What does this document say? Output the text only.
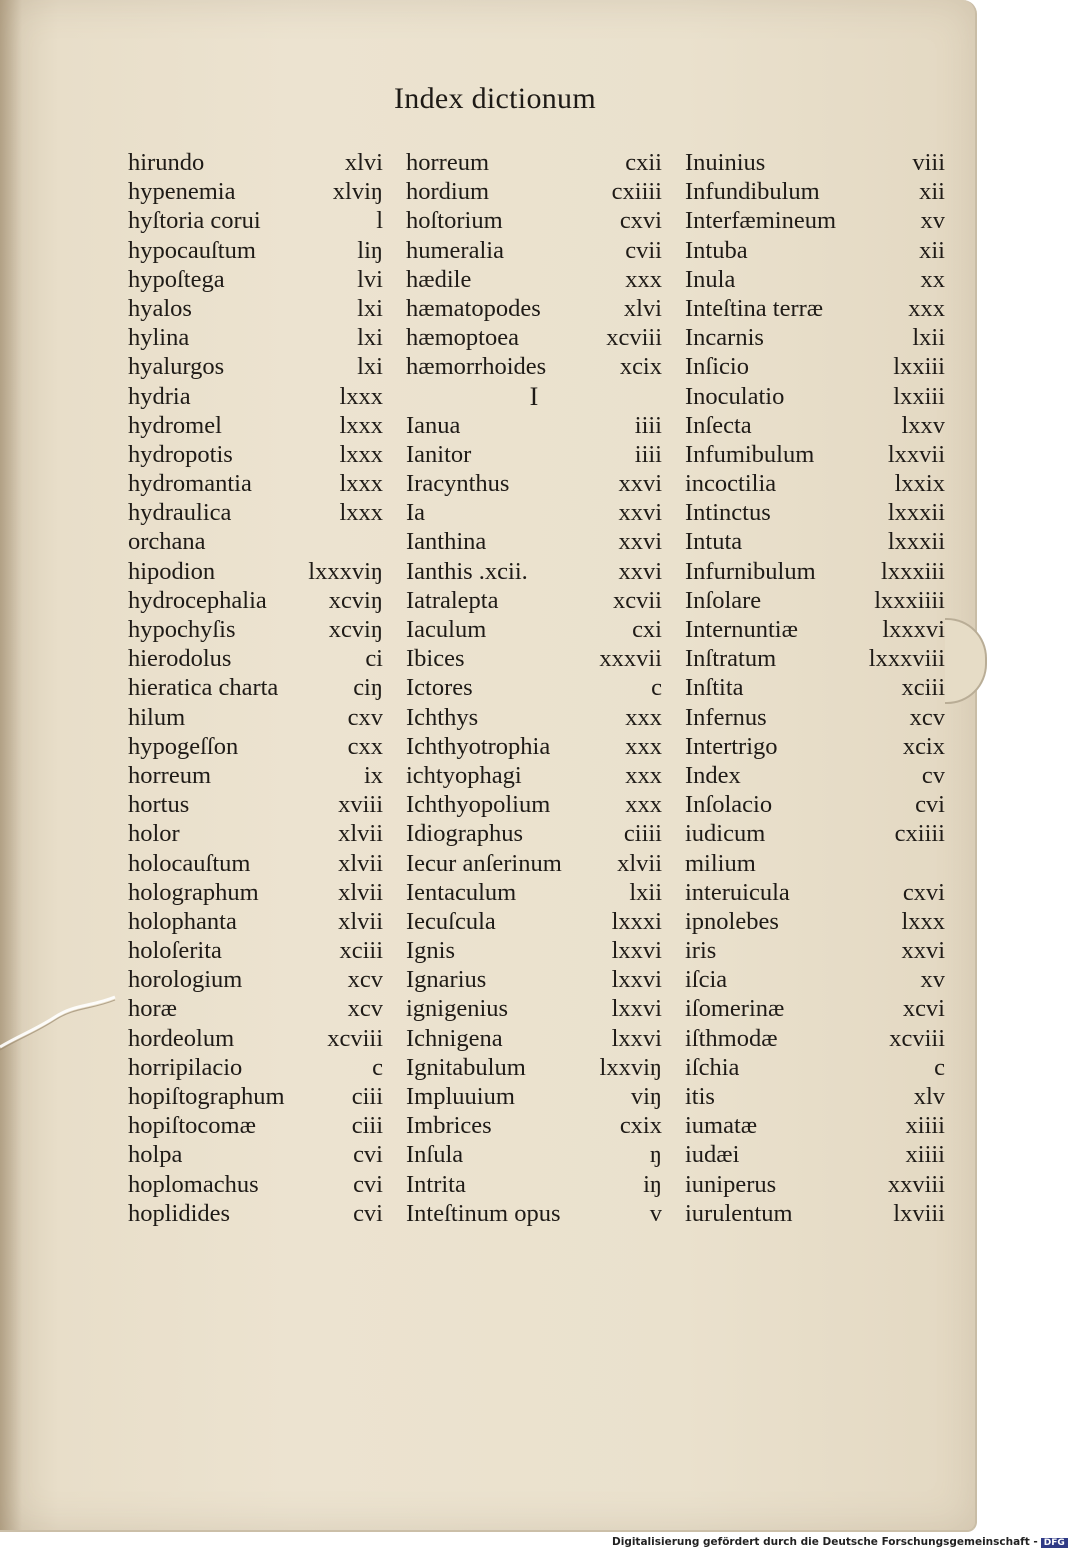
Index dictionum
hirundo	xlvi
hypenemia	xlviŋ
hyſtoria corui	l
hypocauſtum	liŋ
hypoſtega	lvi
hyalos	lxi
hylina	lxi
hyalurgos	lxi
hydria	lxxx
hydromel	lxxx
hydropotis	lxxx
hydromantia	lxxx
hydraulica	lxxx
orchana
hipodion	lxxxviŋ
hydrocephalia	xcviŋ
hypochyſis	xcviŋ
hierodolus	ci
hieratica charta	ciŋ
hilum	cxv
hypogeſſon	cxx
horreum	ix
hortus	xviii
holor	xlvii
holocauſtum	xlvii
holographum	xlvii
holophanta	xlvii
holoſerita	xciii
horologium	xcv
horæ	xcv
hordeolum	xcviii
horripilacio	c
hopiſtographum	ciii
hopiſtocomæ	ciii
holpa	cvi
hoplomachus	cvi
hoplidides	cvi
horreum	cxii
hordium	cxiiii
hoſtorium	cxvi
humeralia	cvii
hædile	xxx
hæmatopodes	xlvi
hæmoptoea	xcviii
hæmorrhoides	xcix
I
Ianua	iiii
Ianitor	iiii
Iracynthus	xxvi
Ia	xxvi
Ianthina	xxvi
Ianthis .xcii.	xxvi
Iatralepta	xcvii
Iaculum	cxi
Ibices	xxxvii
Ictores	c
Ichthys	xxx
Ichthyotrophia	xxx
ichtyophagi	xxx
Ichthyopolium	xxx
Idiographus	ciiii
Iecur anſerinum xlvii
Ientaculum	lxii
Iecuſcula	lxxxi
Ignis	lxxvi
Ignarius	lxxvi
ignigenius	lxxvi
Ichnigena	lxxvi
Ignitabulum	lxxviŋ
Impluuium	viŋ
Imbrices	cxix
Inſula	ŋ
Intrita	iŋ
Inteſtinum opus	v
Inuinius	viii
Infundibulum	xii
Interfæmineum	xv
Intuba	xii
Inula	xx
Inteſtina terræ	xxx
Incarnis	lxii
Inſicio	lxxiii
Inoculatio	lxxiii
Inſecta	lxxv
Infumibulum	lxxvii
incoctilia	lxxix
Intinctus	lxxxii
Intuta	lxxxii
Infurnibulum	lxxxiii
Inſolare	lxxxiiii
Internuntiæ	lxxxvi
Inſtratum	lxxxviii
Inſtita	xciii
Infernus	xcv
Intertrigo	xcix
Index	cv
Inſolacio	cvi
iudicum	cxiiii
milium
interuicula	cxvi
ipnolebes	lxxx
iris	xxvi
iſcia	xv
iſomerinæ	xcvi
iſthmodæ	xcviii
iſchia	c
itis	xlv
iumatæ	xiiii
iudæi	xiiii
iuniperus	xxviii
iurulentum	lxviii
Digitalisierung gefördert durch die Deutsche Forschungsgemeinschaft - DFG
